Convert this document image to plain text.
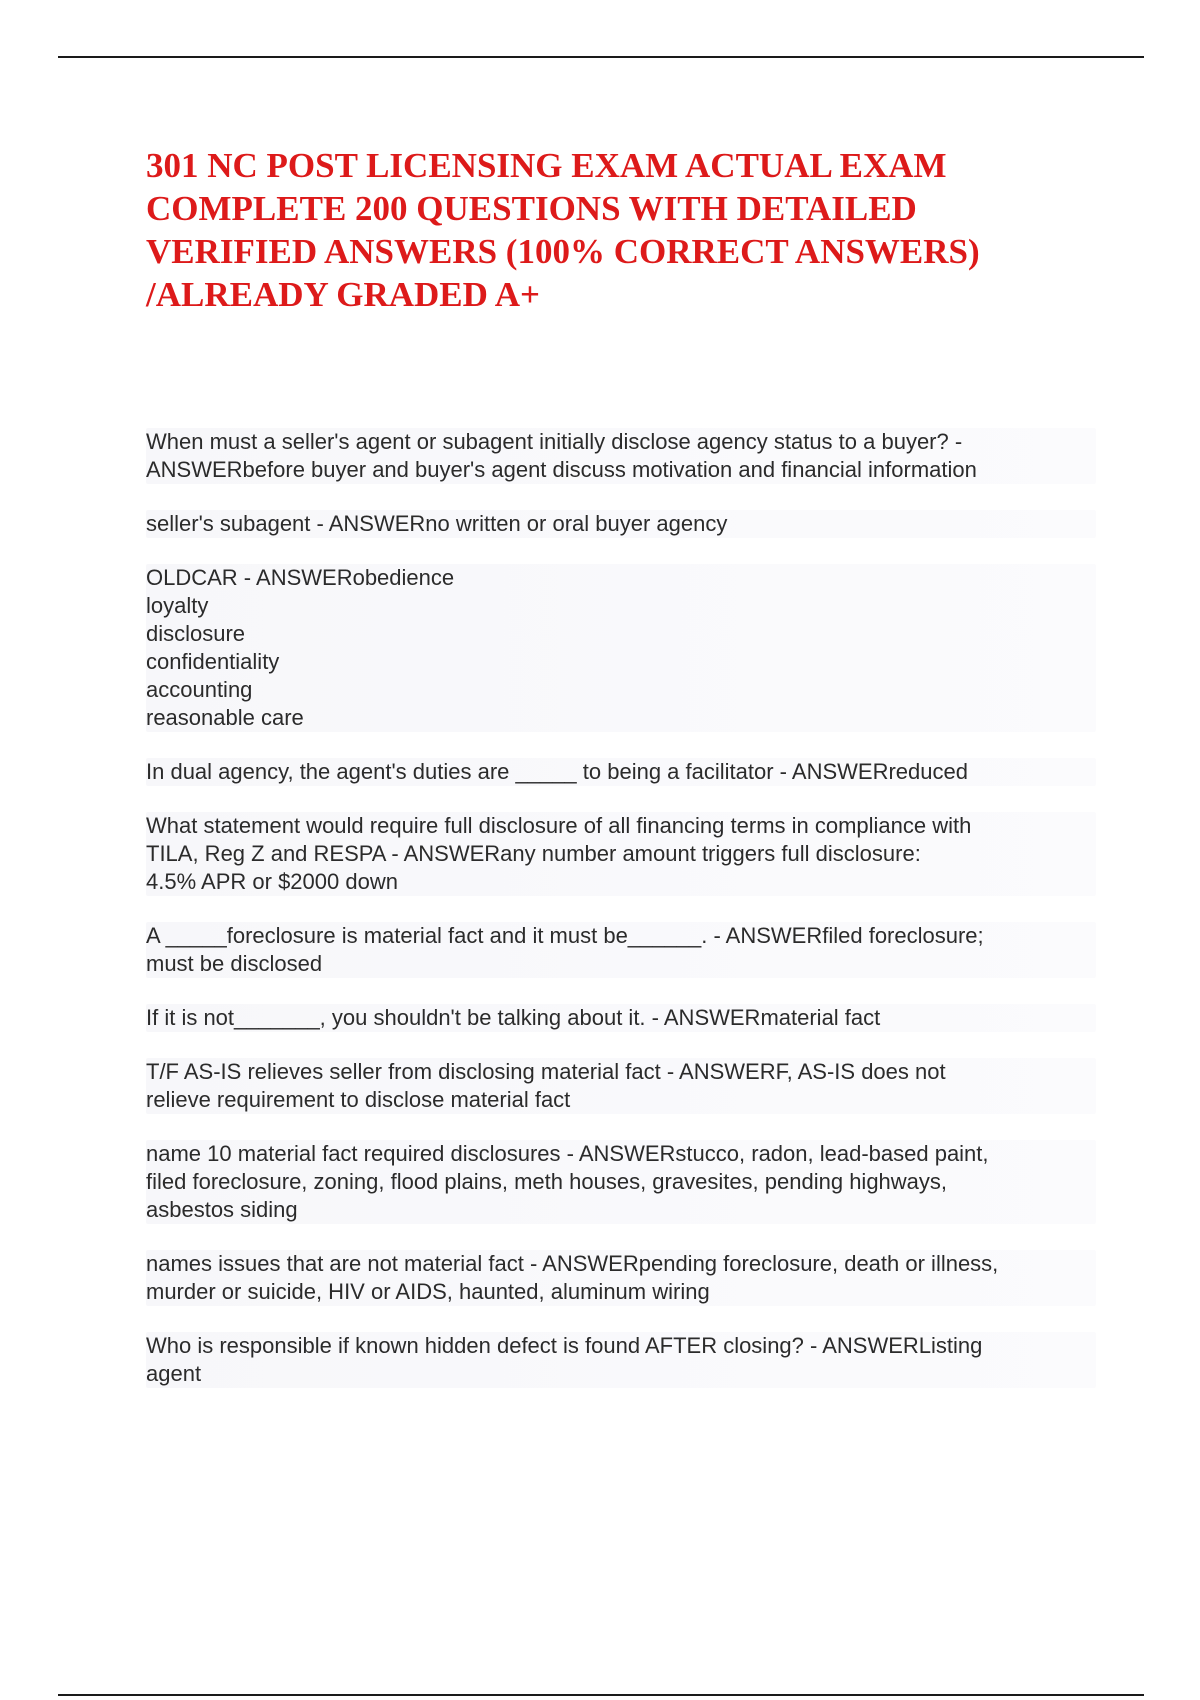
301 NC POST LICENSING EXAM ACTUAL EXAM COMPLETE 200 QUESTIONS WITH DETAILED VERIFIED ANSWERS (100% CORRECT ANSWERS) /ALREADY GRADED A+

When must a seller's agent or subagent initially disclose agency status to a buyer? -
ANSWERbefore buyer and buyer's agent discuss motivation and financial information

seller's subagent - ANSWERno written or oral buyer agency

OLDCAR - ANSWERobedience
loyalty
disclosure
confidentiality
accounting
reasonable care

In dual agency, the agent's duties are _____ to being a facilitator - ANSWERreduced

What statement would require full disclosure of all financing terms in compliance with
TILA, Reg Z and RESPA - ANSWERany number amount triggers full disclosure:
4.5% APR or $2000 down

A _____foreclosure is material fact and it must be______. - ANSWERfiled foreclosure;
must be disclosed

If it is not_______, you shouldn't be talking about it. - ANSWERmaterial fact

T/F AS-IS relieves seller from disclosing material fact - ANSWERF, AS-IS does not
relieve requirement to disclose material fact

name 10 material fact required disclosures - ANSWERstucco, radon, lead-based paint,
filed foreclosure, zoning, flood plains, meth houses, gravesites, pending highways,
asbestos siding

names issues that are not material fact - ANSWERpending foreclosure, death or illness,
murder or suicide, HIV or AIDS, haunted, aluminum wiring

Who is responsible if known hidden defect is found AFTER closing? - ANSWERListing
agent
